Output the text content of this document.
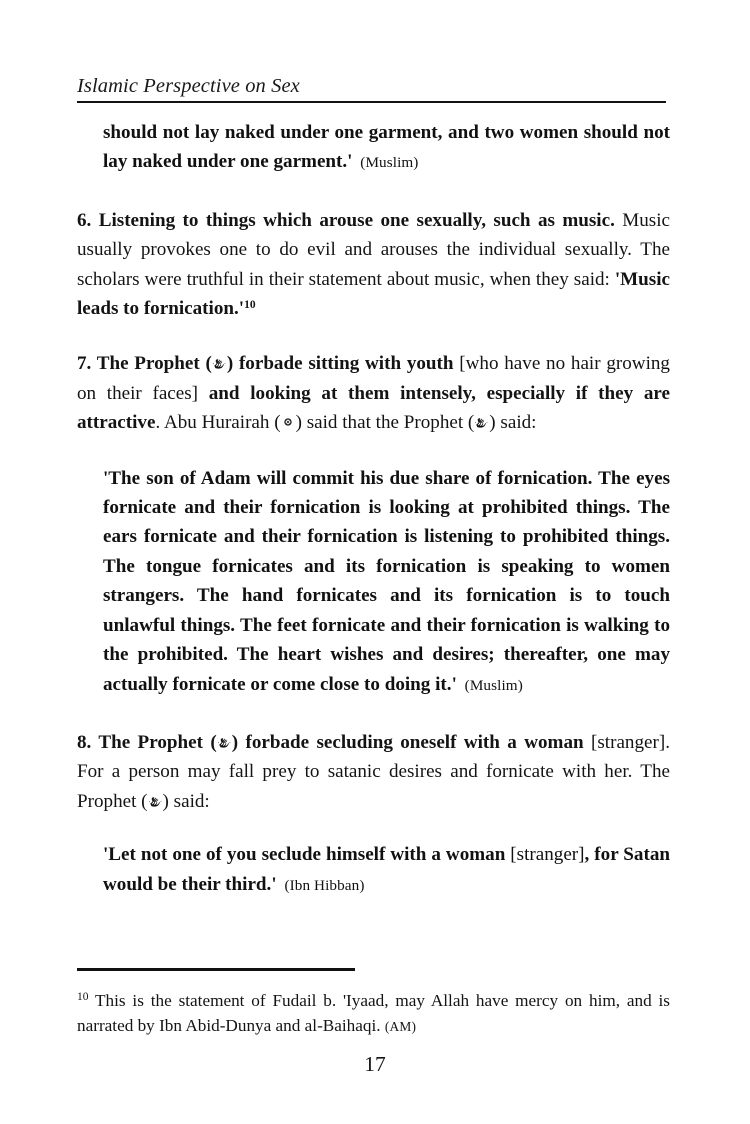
Islamic Perspective on Sex
should not lay naked under one garment, and two women should not lay naked under one garment.' (Muslim)

6. Listening to things which arouse one sexually, such as music. Music usually provokes one to do evil and arouses the individual sexually. The scholars were truthful in their statement about music, when they said: 'Music leads to fornication.'$^{10}$

7. The Prophet ( ) forbade sitting with youth [who have no hair growing on their faces] and looking at them intensely, especially if they are attractive. Abu Hurairah ( ) said that the Prophet ( ) said:

'The son of Adam will commit his due share of fornication. The eyes fornicate and their fornication is looking at prohibited things. The ears fornicate and their fornication is listening to prohibited things. The tongue fornicates and its fornication is speaking to women strangers. The hand fornicates and its fornication is to touch unlawful things. The feet fornicate and their fornication is walking to the prohibited. The heart wishes and desires; thereafter, one may actually fornicate or come close to doing it.' (Muslim)

8. The Prophet ( ) forbade secluding oneself with a woman [stranger]. For a person may fall prey to satanic desires and fornicate with her. The Prophet ( ) said:

'Let not one of you seclude himself with a woman [stranger], for Satan would be their third.' (Ibn Hibban)
$^{10}$ This is the statement of Fudail b. 'Iyaad, may Allah have mercy on him, and is narrated by Ibn Abid-Dunya and al-Baihaqi. (AM)
17
